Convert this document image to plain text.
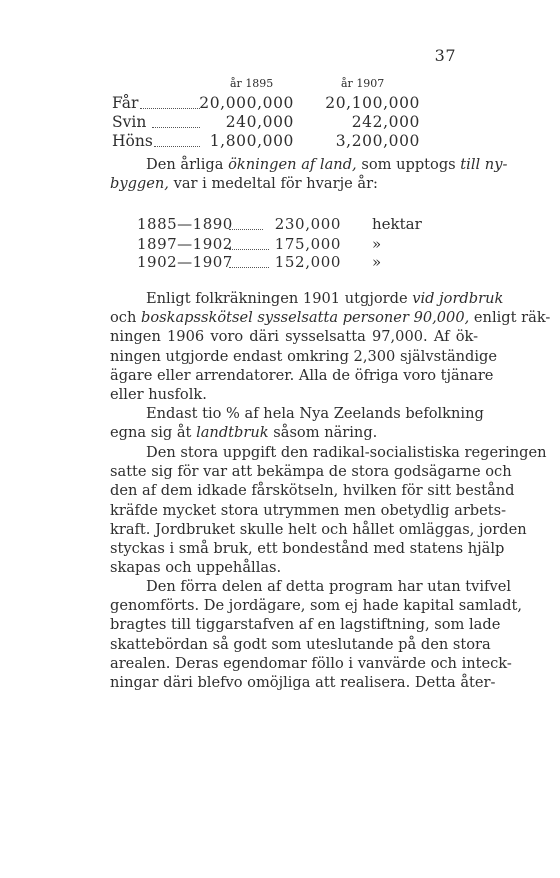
37
år 1895	år 1907
Får	20,000,000 20,100,000
Svin	240,000	242,000
Höns	1,800,000	3,200,000
Den årliga ökningen af land, som upptogs till ny-
byggen, var i medeltal för hvarje år:
1885—1890	230,000 hektar
1897—1902	175,000 »
1902—1907	152,000 »
Enligt folkräkningen 1901 utgjorde vid jordbruk
och boskapsskötsel sysselsatta personer 90,000, enligt räk-
ningen 1906 voro däri sysselsatta 97,000. Af ök-
ningen utgjorde endast omkring 2,300 självständige
ägare eller arrendatorer. Alla de öfriga voro tjänare
eller husfolk.
Endast tio % af hela Nya Zeelands befolkning
egna sig åt landtbruk såsom näring.
Den stora uppgift den radikal-socialistiska regeringen
satte sig för var att bekämpa de stora godsägarne och
den af dem idkade fårskötseln, hvilken för sitt bestånd
kräfde mycket stora utrymmen men obetydlig arbets-
kraft. Jordbruket skulle helt och hållet omläggas, jorden
styckas i små bruk, ett bondestånd med statens hjälp
skapas och uppehållas.
Den förra delen af detta program har utan tvifvel
genomförts. De jordägare, som ej hade kapital samladt,
bragtes till tiggarstafven af en lagstiftning, som lade
skattebördan så godt som uteslutande på den stora
arealen. Deras egendomar föllo i vanvärde och inteck-
ningar däri blefvo omöjliga att realisera. Detta åter-
